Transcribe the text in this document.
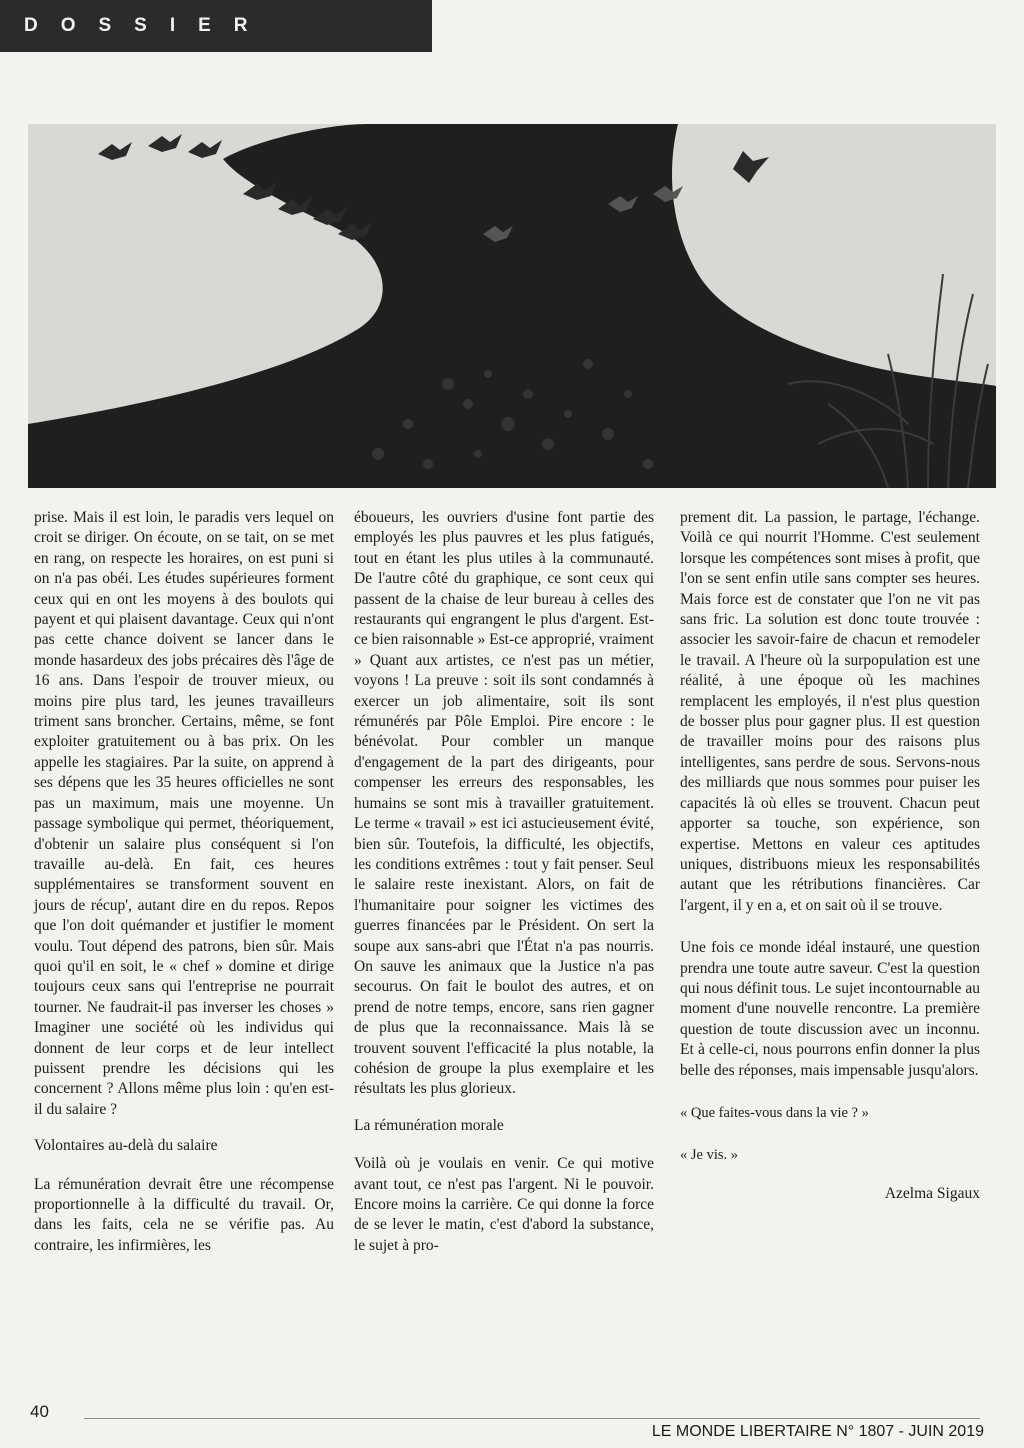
DOSSIER

prise. Mais il est loin, le paradis vers lequel on croit se diriger. On écoute, on se tait, on se met en rang, on respecte les horaires, on est puni si on n'a pas obéi. Les études supérieures forment ceux qui en ont les moyens à des boulots qui payent et qui plaisent davantage. Ceux qui n'ont pas cette chance doivent se lancer dans le monde hasardeux des jobs précaires dès l'âge de 16 ans. Dans l'espoir de trouver mieux, ou moins pire plus tard, les jeunes travailleurs triment sans broncher. Certains, même, se font exploiter gratuitement ou à bas prix. On les appelle les stagiaires. Par la suite, on apprend à ses dépens que les 35 heures officielles ne sont pas un maximum, mais une moyenne. Un passage symbolique qui permet, théoriquement, d'obtenir un salaire plus conséquent si l'on travaille au-delà. En fait, ces heures supplémentaires se transforment souvent en jours de récup', autant dire en du repos. Repos que l'on doit quémander et justifier le moment voulu. Tout dépend des patrons, bien sûr. Mais quoi qu'il en soit, le « chef » domine et dirige toujours ceux sans qui l'entreprise ne pourrait tourner. Ne faudrait-il pas inverser les choses » Imaginer une société où les individus qui donnent de leur corps et de leur intellect puissent prendre les décisions qui les concernent ? Allons même plus loin : qu'en est-il du salaire ?

Volontaires au-delà du salaire

La rémunération devrait être une récompense proportionnelle à la difficulté du travail. Or, dans les faits, cela ne se vérifie pas. Au contraire, les infirmières, les

éboueurs, les ouvriers d'usine font partie des employés les plus pauvres et les plus fatigués, tout en étant les plus utiles à la communauté. De l'autre côté du graphique, ce sont ceux qui passent de la chaise de leur bureau à celles des restaurants qui engrangent le plus d'argent. Est-ce bien raisonnable » Est-ce approprié, vraiment » Quant aux artistes, ce n'est pas un métier, voyons ! La preuve : soit ils sont condamnés à exercer un job alimentaire, soit ils sont rémunérés par Pôle Emploi. Pire encore : le bénévolat. Pour combler un manque d'engagement de la part des dirigeants, pour compenser les erreurs des responsables, les humains se sont mis à travailler gratuitement. Le terme « travail » est ici astucieusement évité, bien sûr. Toutefois, la difficulté, les objectifs, les conditions extrêmes : tout y fait penser. Seul le salaire reste inexistant. Alors, on fait de l'humanitaire pour soigner les victimes des guerres financées par le Président. On sert la soupe aux sans-abri que l'État n'a pas nourris. On sauve les animaux que la Justice n'a pas secourus. On fait le boulot des autres, et on prend de notre temps, encore, sans rien gagner de plus que la reconnaissance. Mais là se trouvent souvent l'efficacité la plus notable, la cohésion de groupe la plus exemplaire et les résultats les plus glorieux.

La rémunération morale

Voilà où je voulais en venir. Ce qui motive avant tout, ce n'est pas l'argent. Ni le pouvoir. Encore moins la carrière. Ce qui donne la force de se lever le matin, c'est d'abord la substance, le sujet à pro-

prement dit. La passion, le partage, l'échange. Voilà ce qui nourrit l'Homme. C'est seulement lorsque les compétences sont mises à profit, que l'on se sent enfin utile sans compter ses heures. Mais force est de constater que l'on ne vit pas sans fric. La solution est donc toute trouvée : associer les savoir-faire de chacun et remodeler le travail. A l'heure où la surpopulation est une réalité, à une époque où les machines remplacent les employés, il n'est plus question de bosser plus pour gagner plus. Il est question de travailler moins pour des raisons plus intelligentes, sans perdre de sous. Servons-nous des milliards que nous sommes pour puiser les capacités là où elles se trouvent. Chacun peut apporter sa touche, son expérience, son expertise. Mettons en valeur ces aptitudes uniques, distribuons mieux les responsabilités autant que les rétributions financières. Car l'argent, il y en a, et on sait où il se trouve.

Une fois ce monde idéal instauré, une question prendra une toute autre saveur. C'est la question qui nous définit tous. Le sujet incontournable au moment d'une nouvelle rencontre. La première question de toute discussion avec un inconnu. Et à celle-ci, nous pourrons enfin donner la plus belle des réponses, mais impensable jusqu'alors.

« Que faites-vous dans la vie ? »

« Je vis. »

Azelma Sigaux
40
LE MONDE LIBERTAIRE N° 1807 - JUIN 2019
